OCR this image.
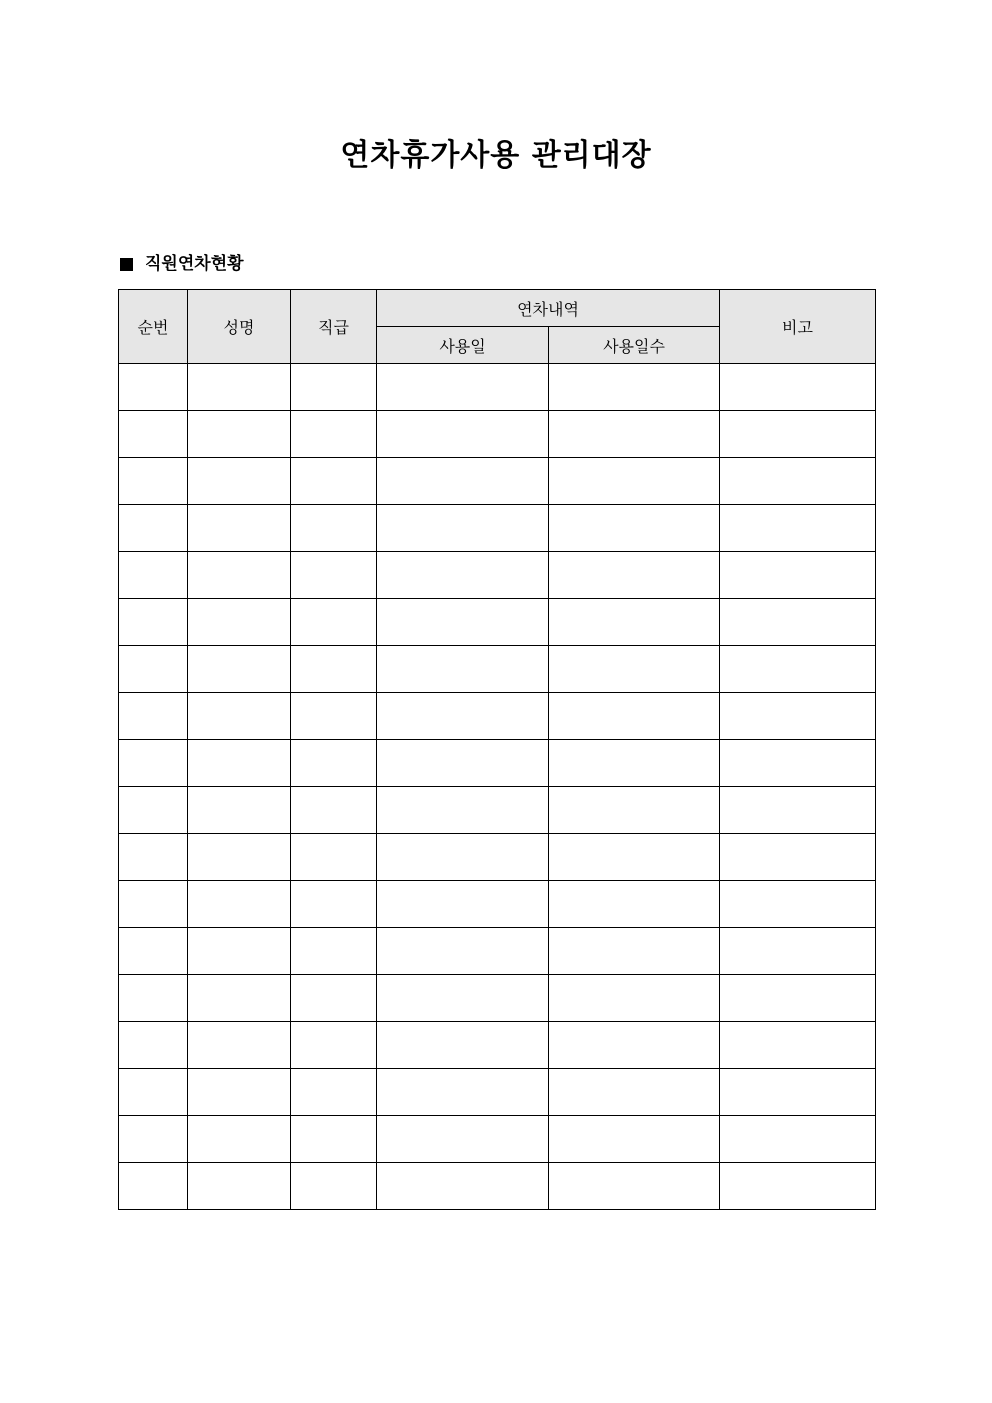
연차휴가사용 관리대장
직원연차현황
순번	성명	직급	연차내역		비고
			사용일	사용일수	
